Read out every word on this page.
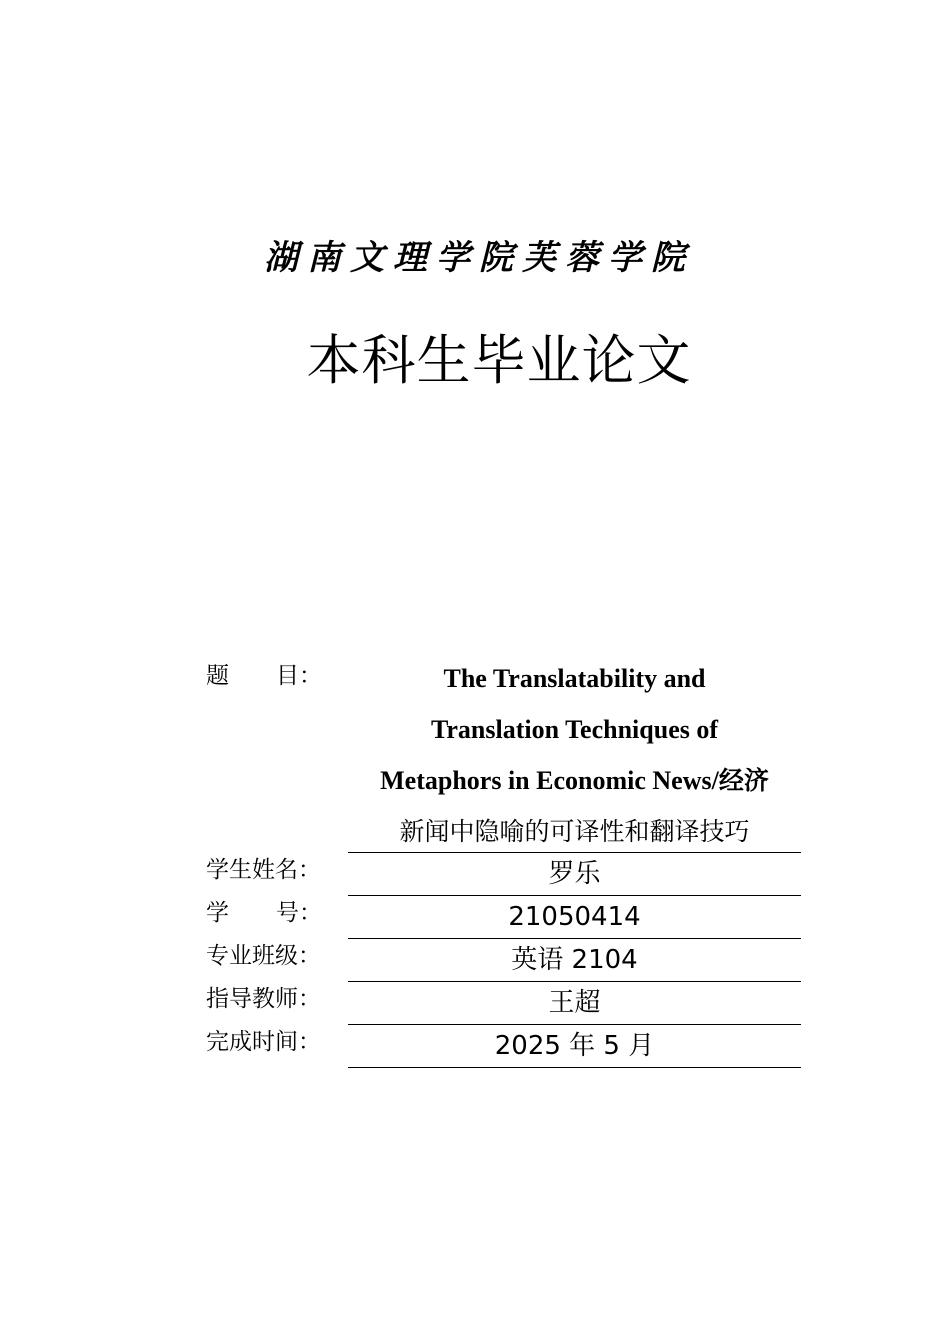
湖南文理学院芙蓉学院
本科生毕业论文
题 目：	The Translatability and
Translation Techniques of
Metaphors in Economic News/经济
新闻中隐喻的可译性和翻译技巧
学生姓名：	罗乐
学 号：	21050414
专业班级：	英语 2104
指导教师：	王超
完成时间：	2025 年 5 月
